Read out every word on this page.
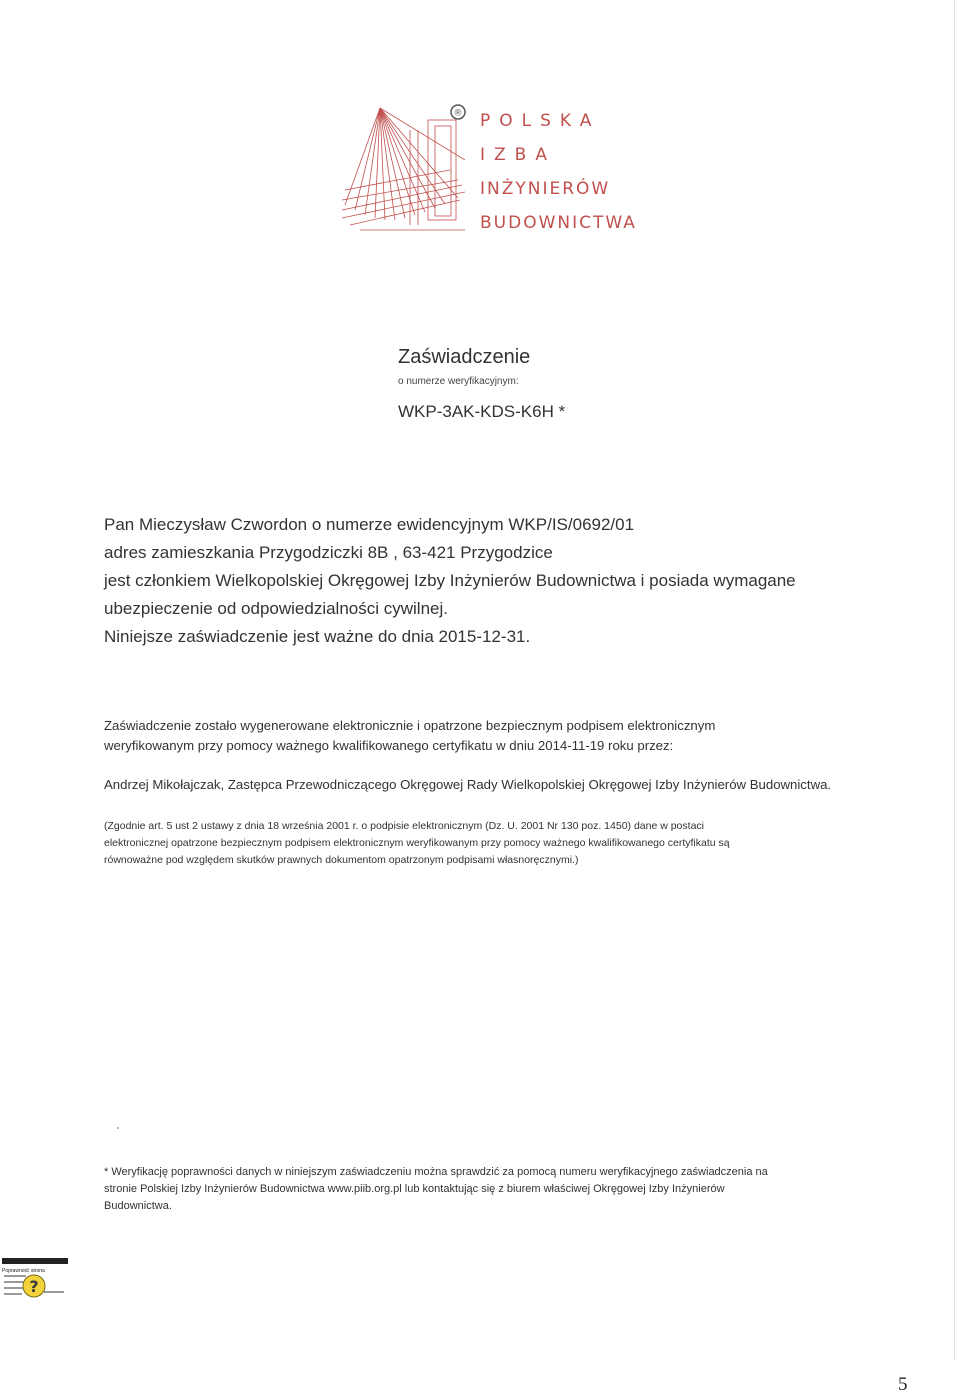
® POLSKA
IZBA
INŻYNIERÓW
BUDOWNICTWA
Zaświadczenie
o numerze weryfikacyjnym:
WKP-3AK-KDS-K6H *

Pan Mieczysław Czwordon o numerze ewidencyjnym WKP/IS/0692/01

adres zamieszkania Przygodziczki 8B , 63-421 Przygodzice

jest członkiem Wielkopolskiej Okręgowej Izby Inżynierów Budownictwa i posiada wymagane

ubezpieczenie od odpowiedzialności cywilnej.

Niniejsze zaświadczenie jest ważne do dnia 2015-12-31.

Zaświadczenie zostało wygenerowane elektronicznie i opatrzone bezpiecznym podpisem elektronicznym

weryfikowanym przy pomocy ważnego kwalifikowanego certyfikatu w dniu 2014-11-19 roku przez:

Andrzej Mikołajczak, Zastępca Przewodniczącego Okręgowej Rady Wielkopolskiej Okręgowej Izby Inżynierów Budownictwa.

(Zgodnie art. 5 ust 2 ustawy z dnia 18 września 2001 r. o podpisie elektronicznym (Dz. U. 2001 Nr 130 poz. 1450) dane w postaci

elektronicznej opatrzone bezpiecznym podpisem elektronicznym weryfikowanym przy pomocy ważnego kwalifikowanego certyfikatu są

równoważne pod względem skutków prawnych dokumentom opatrzonym podpisami własnoręcznymi.)

* Weryfikację poprawności danych w niniejszym zaświadczeniu można sprawdzić za pomocą numeru weryfikacyjnego zaświadczenia na

stronie Polskiej Izby Inżynierów Budownictwa www.piib.org.pl lub kontaktując się z biurem właściwej Okręgowej Izby Inżynierów

Budownictwa.

?
Poprawność strona
5
